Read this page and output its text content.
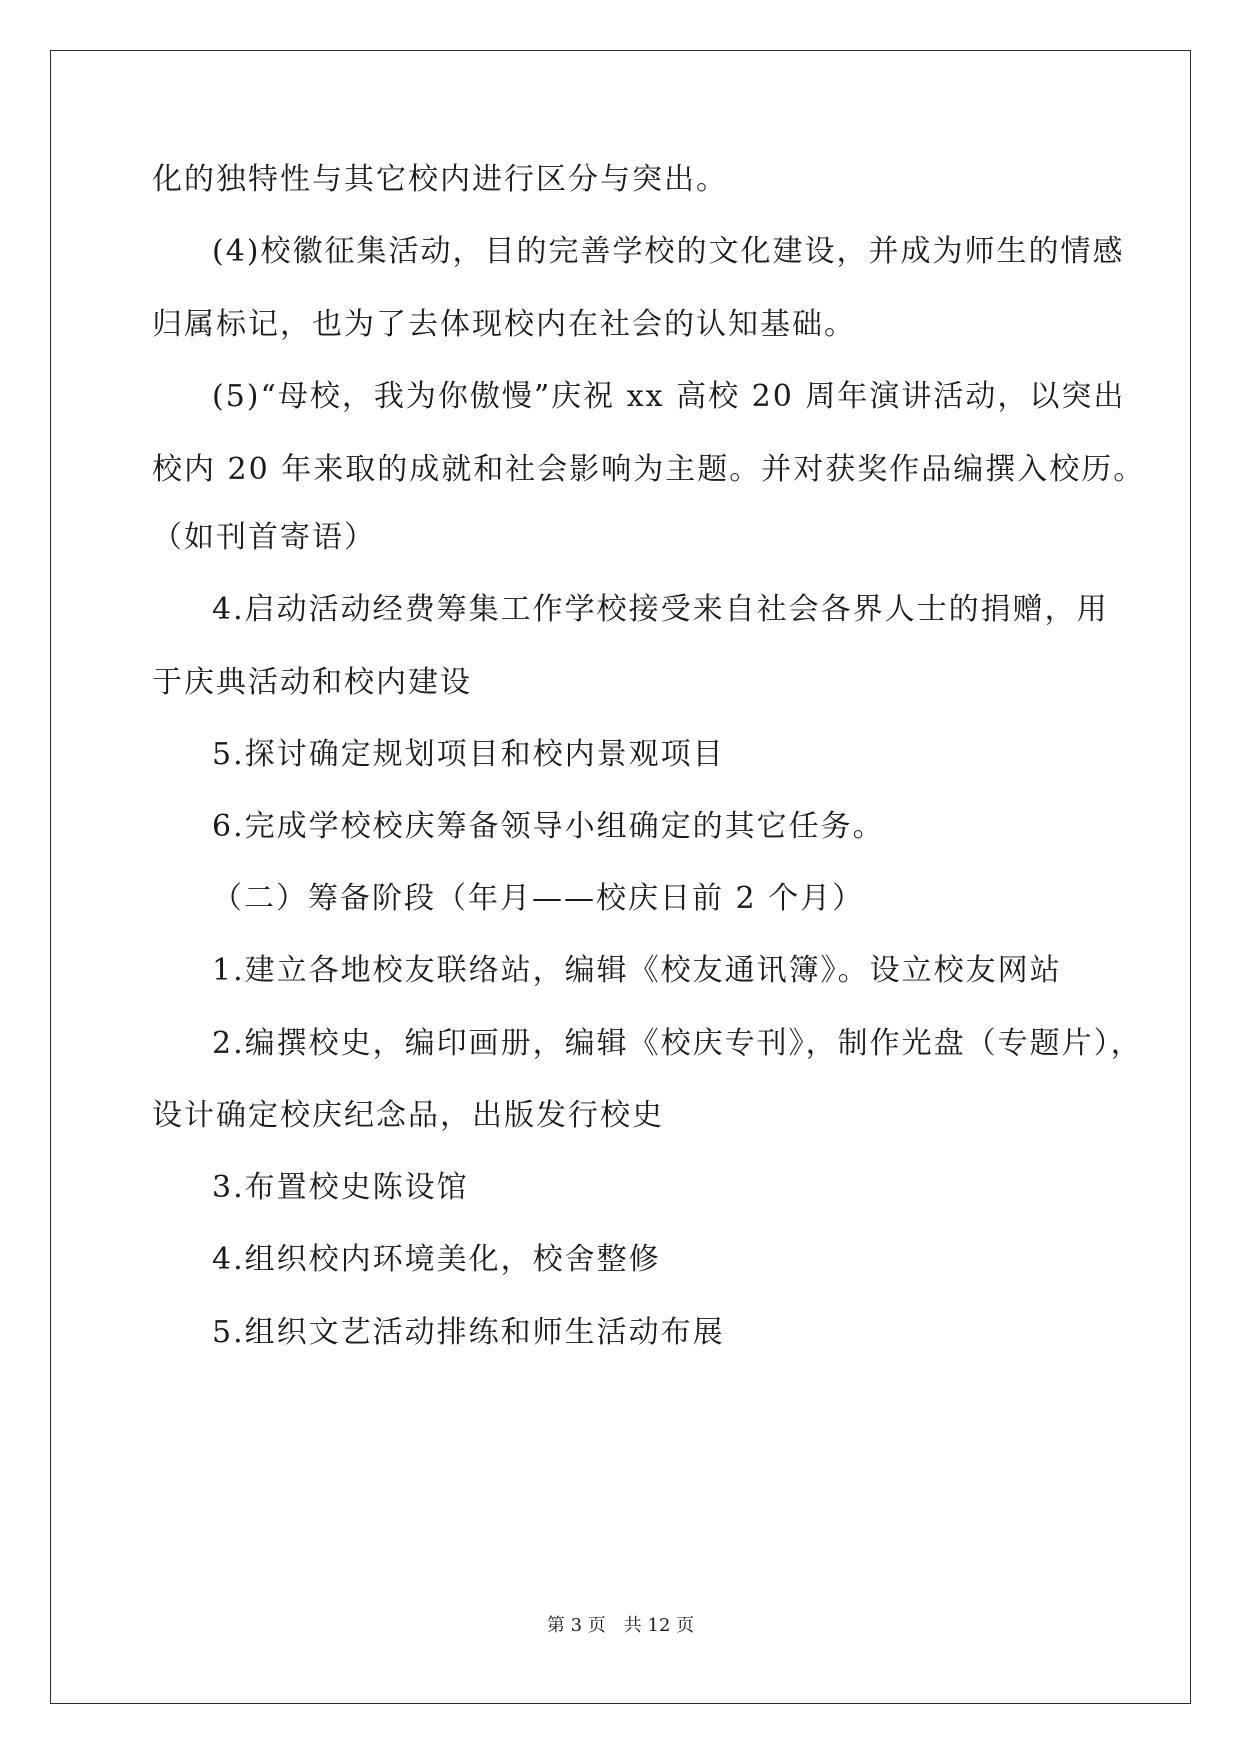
化的独特性与其它校内进行区分与突出。
(4)校徽征集活动，目的完善学校的文化建设，并成为师生的情感
归属标记，也为了去体现校内在社会的认知基础。
(5)“母校，我为你傲慢”庆祝 xx 高校 20 周年演讲活动，以突出
校内 20 年来取的成就和社会影响为主题。并对获奖作品编撰入校历。
（如刊首寄语）
4.启动活动经费筹集工作学校接受来自社会各界人士的捐赠，用
于庆典活动和校内建设
5.探讨确定规划项目和校内景观项目
6.完成学校校庆筹备领导小组确定的其它任务。
（二）筹备阶段（年月——校庆日前 2 个月）
1.建立各地校友联络站，编辑《校友通讯簿》。设立校友网站
2.编撰校史，编印画册，编辑《校庆专刊》，制作光盘（专题片），
设计确定校庆纪念品，出版发行校史
3.布置校史陈设馆
4.组织校内环境美化，校舍整修
5.组织文艺活动排练和师生活动布展
第 3 页　共 12 页
